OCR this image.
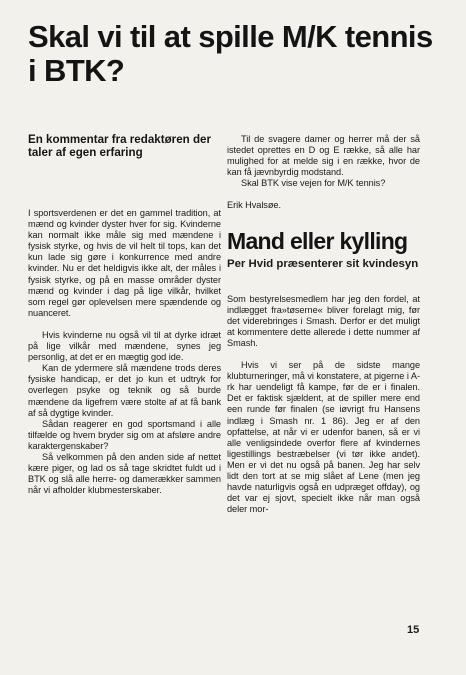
Skal vi til at spille M/K tennis i BTK?

En kommentar fra redaktøren der taler af egen erfaring

I sportsverdenen er det en gammel tradition, at mænd og kvinder dyster hver for sig. Kvinderne kan normalt ikke måle sig med mændene i fysisk styrke, og hvis de vil helt til tops, kan det kun lade sig gøre i konkurrence med andre kvinder. Nu er det heldigvis ikke alt, der måles i fysisk styrke, og på en masse områder dyster mænd og kvinder i dag på lige vilkår, hvilket som regel gør oplevelsen mere spændende og nuanceret.

Hvis kvinderne nu også vil til at dyrke idræt på lige vilkår med mændene, synes jeg personlig, at det er en mægtig god ide.

Kan de ydermere slå mændene trods deres fysiske handicap, er det jo kun et udtryk for overlegen psyke og teknik og så burde mændene da ligefrem være stolte af at få bank af så dygtige kvinder.

Sådan reagerer en god sportsmand i alle tilfælde og hvem bryder sig om at afsløre andre karaktergenskaber?

Så velkommen på den anden side af nettet kære piger, og lad os så tage skridtet fuldt ud i BTK og slå alle herre- og damerækker sammen når vi afholder klubmesterskaber.

Til de svagere damer og herrer må der så istedet oprettes en D og E række, så alle har mulighed for at melde sig i en række, hvor de kan få jævnbyrdig modstand.

Skal BTK vise vejen for M/K tennis?

Erik Hvalsøe.

Mand eller kylling

Per Hvid præsenterer sit kvindesyn

Som bestyrelsesmedlem har jeg den fordel, at indlægget fra»tøserne« bliver forelagt mig, før det viderebringes i Smash. Derfor er det muligt at kommentere dette allerede i dette nummer af Smash.

Hvis vi ser på de sidste mange klubturneringer, må vi konstatere, at pigerne i A-rk har uendeligt få kampe, før de er i finalen. Det er faktisk sjældent, at de spiller mere end een runde før finalen (se iøvrigt fru Hansens indlæg i Smash nr. 1 86). Jeg er af den opfattelse, at når vi er udenfor banen, så er vi alle venligsindede overfor flere af kvindernes ligestillings bestræbelser (vi tør ikke andet). Men er vi det nu også på banen. Jeg har selv lidt den tort at se mig slået af Lene (men jeg havde naturligvis også en udpræget offday), og det var ej sjovt, specielt ikke når man også deler mor-

15
